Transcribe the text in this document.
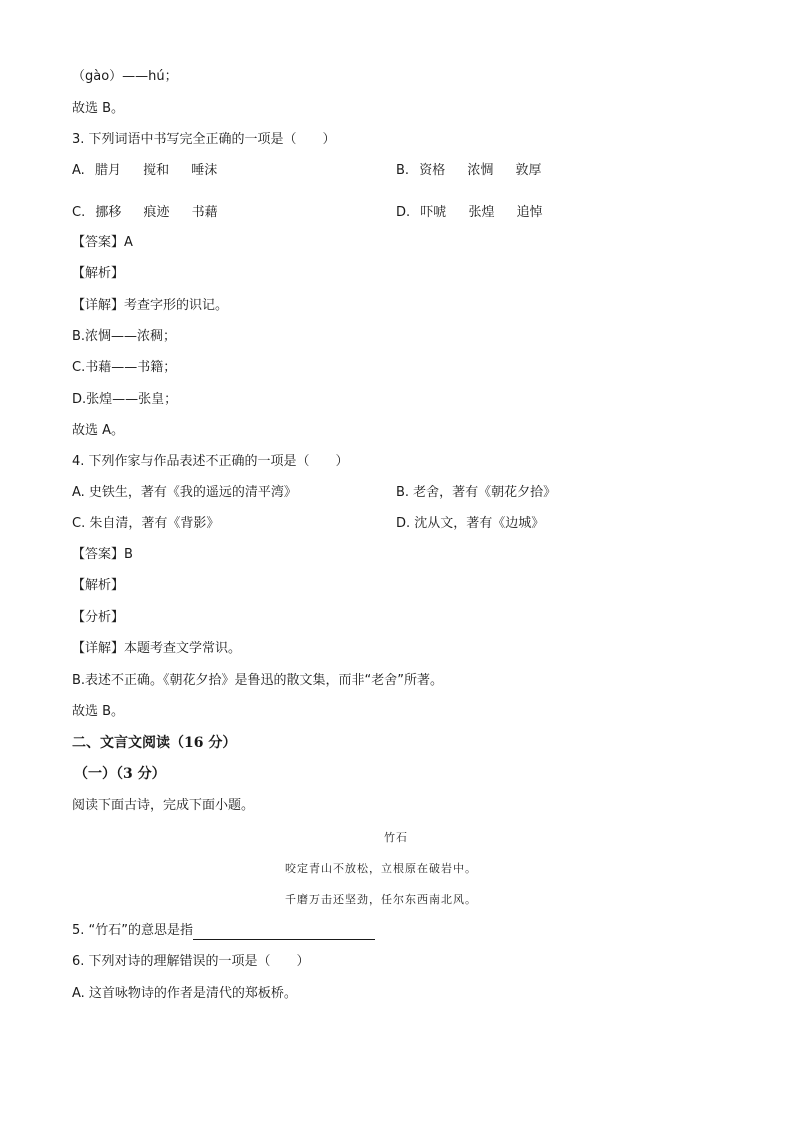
（gào）——hú；
故选 B。
3. 下列词语中书写完全正确的一项是（　　）
A. 腊月 搅和 唾沫	B. 资格 浓惆 敦厚
C. 挪移 痕迹 书藉	D. 吓唬 张煌 追悼
【答案】A
【解析】
【详解】考查字形的识记。
B.浓惆——浓稠；
C.书藉——书籍；
D.张煌——张皇；
故选 A。
4. 下列作家与作品表述不正确的一项是（　　）
A. 史铁生，著有《我的遥远的清平湾》	B. 老舍，著有《朝花夕拾》
C. 朱自清，著有《背影》	D. 沈从文，著有《边城》
【答案】B
【解析】
【分析】
【详解】本题考查文学常识。
B.表述不正确。《朝花夕拾》是鲁迅的散文集，而非“老舍”所著。
故选 B。
二、文言文阅读（16 分）
（一）（3 分）
阅读下面古诗，完成下面小题。
竹石
咬定青山不放松，立根原在破岩中。
千磨万击还坚劲，任尔东西南北风。
5. “竹石”的意思是指
6. 下列对诗的理解错误的一项是（　　）
A. 这首咏物诗的作者是清代的郑板桥。
